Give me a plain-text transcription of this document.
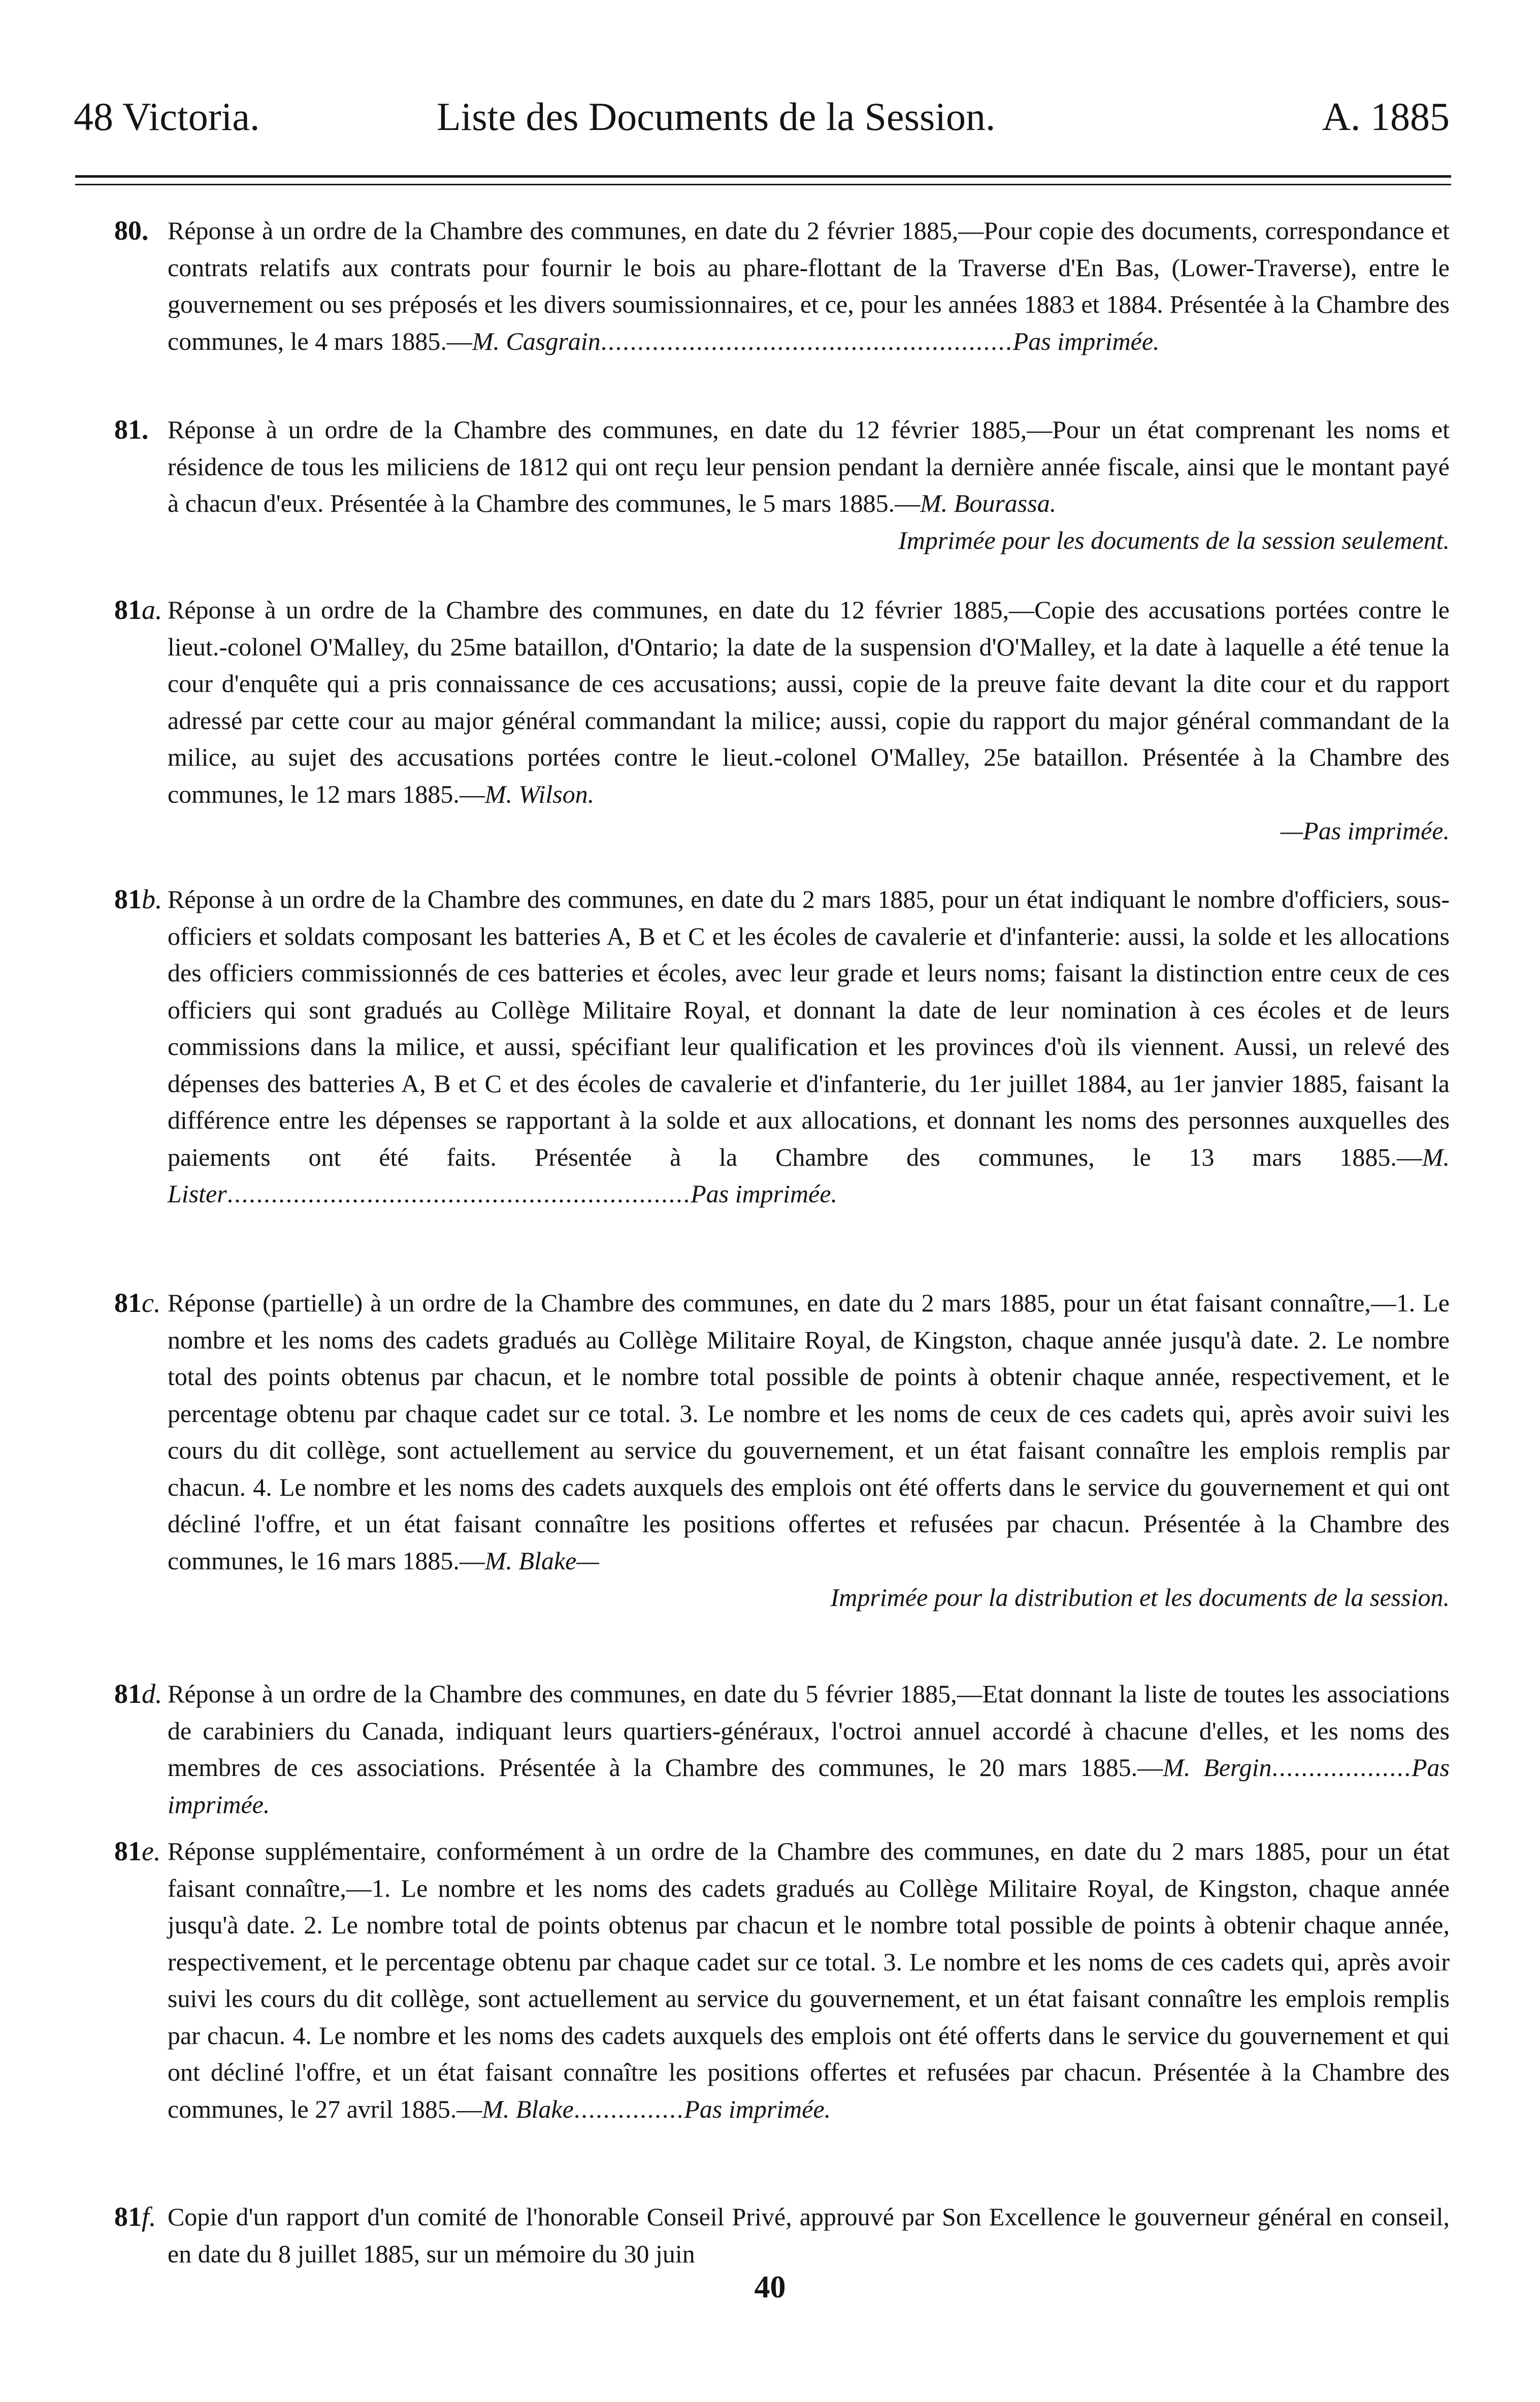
48 Victoria.	Liste des Documents de la Session.	A. 1885
80. Réponse à un ordre de la Chambre des communes, en date du 2 février 1885,—Pour copie des documents, correspondance et contrats relatifs aux contrats pour fournir le bois au phare-flottant de la Traverse d'En Bas, (Lower-Traverse), entre le gouvernement ou ses préposés et les divers soumissionnaires, et ce, pour les années 1883 et 1884. Présentée à la Chambre des communes, le 4 mars 1885.—M. Casgrain........................................................Pas imprimée.
81. Réponse à un ordre de la Chambre des communes, en date du 12 février 1885,—Pour un état comprenant les noms et résidence de tous les miliciens de 1812 qui ont reçu leur pension pendant la dernière année fiscale, ainsi que le montant payé à chacun d'eux. Présentée à la Chambre des communes, le 5 mars 1885.—M. Bourassa.
Imprimée pour les documents de la session seulement.
81a. Réponse à un ordre de la Chambre des communes, en date du 12 février 1885,—Copie des accusations portées contre le lieut.-colonel O'Malley, du 25me bataillon, d'Ontario; la date de la suspension d'O'Malley, et la date à laquelle a été tenue la cour d'enquête qui a pris connaissance de ces accusations; aussi, copie de la preuve faite devant la dite cour et du rapport adressé par cette cour au major général commandant la milice; aussi, copie du rapport du major général commandant de la milice, au sujet des accusations portées contre le lieut.-colonel O'Malley, 25e bataillon. Présentée à la Chambre des communes, le 12 mars 1885.—M. Wilson.
—Pas imprimée.
81b. Réponse à un ordre de la Chambre des communes, en date du 2 mars 1885, pour un état indiquant le nombre d'officiers, sous-officiers et soldats composant les batteries A, B et C et les écoles de cavalerie et d'infanterie: aussi, la solde et les allocations des officiers commissionnés de ces batteries et écoles, avec leur grade et leurs noms; faisant la distinction entre ceux de ces officiers qui sont gradués au Collège Militaire Royal, et donnant la date de leur nomination à ces écoles et de leurs commissions dans la milice, et aussi, spécifiant leur qualification et les provinces d'où ils viennent. Aussi, un relevé des dépenses des batteries A, B et C et des écoles de cavalerie et d'infanterie, du 1er juillet 1884, au 1er janvier 1885, faisant la différence entre les dépenses se rapportant à la solde et aux allocations, et donnant les noms des personnes auxquelles des paiements ont été faits. Présentée à la Chambre des communes, le 13 mars 1885.—M. Lister...............................................................Pas imprimée.
81c. Réponse (partielle) à un ordre de la Chambre des communes, en date du 2 mars 1885, pour un état faisant connaître,—1. Le nombre et les noms des cadets gradués au Collège Militaire Royal, de Kingston, chaque année jusqu'à date. 2. Le nombre total des points obtenus par chacun, et le nombre total possible de points à obtenir chaque année, respectivement, et le percentage obtenu par chaque cadet sur ce total. 3. Le nombre et les noms de ceux de ces cadets qui, après avoir suivi les cours du dit collège, sont actuellement au service du gouvernement, et un état faisant connaître les emplois remplis par chacun. 4. Le nombre et les noms des cadets auxquels des emplois ont été offerts dans le service du gouvernement et qui ont décliné l'offre, et un état faisant connaître les positions offertes et refusées par chacun. Présentée à la Chambre des communes, le 16 mars 1885.—M. Blake—
Imprimée pour la distribution et les documents de la session.
81d. Réponse à un ordre de la Chambre des communes, en date du 5 février 1885,—Etat donnant la liste de toutes les associations de carabiniers du Canada, indiquant leurs quartiers-généraux, l'octroi annuel accordé à chacune d'elles, et les noms des membres de ces associations. Présentée à la Chambre des communes, le 20 mars 1885.—M. Bergin...................Pas imprimée.
81e. Réponse supplémentaire, conformément à un ordre de la Chambre des communes, en date du 2 mars 1885, pour un état faisant connaître,—1. Le nombre et les noms des cadets gradués au Collège Militaire Royal, de Kingston, chaque année jusqu'à date. 2. Le nombre total de points obtenus par chacun et le nombre total possible de points à obtenir chaque année, respectivement, et le percentage obtenu par chaque cadet sur ce total. 3. Le nombre et les noms de ces cadets qui, après avoir suivi les cours du dit collège, sont actuellement au service du gouvernement, et un état faisant connaître les emplois remplis par chacun. 4. Le nombre et les noms des cadets auxquels des emplois ont été offerts dans le service du gouvernement et qui ont décliné l'offre, et un état faisant connaître les positions offertes et refusées par chacun. Présentée à la Chambre des communes, le 27 avril 1885.—M. Blake...............Pas imprimée.
81f. Copie d'un rapport d'un comité de l'honorable Conseil Privé, approuvé par Son Excellence le gouverneur général en conseil, en date du 8 juillet 1885, sur un mémoire du 30 juin
40
